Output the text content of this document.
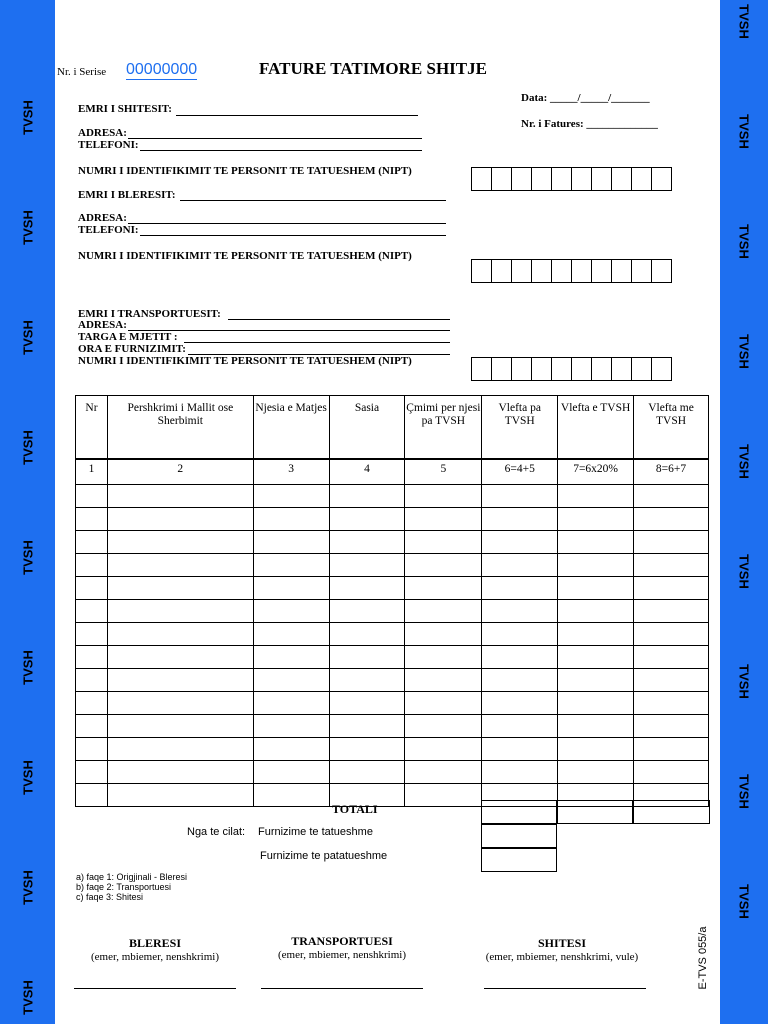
TVSH
TVSH
TVSH
TVSH
TVSH
TVSH
TVSH
TVSH
TVSH
TVSH
TVSH
TVSH
TVSH
TVSH
TVSH
TVSH
TVSH
TVSH
Nr. i Serise 00000000	FATURE TATIMORE SHITJE
Data: _____/_____/_______
Nr. i Fatures: _____________
EMRI I SHITESIT:
ADRESA:
TELEFONI:
NUMRI I IDENTIFIKIMIT TE PERSONIT TE TATUESHEM (NIPT)
EMRI I BLERESIT:
ADRESA:
TELEFONI:
NUMRI I IDENTIFIKIMIT TE PERSONIT TE TATUESHEM (NIPT)
EMRI I TRANSPORTUESIT:
ADRESA:
TARGA E MJETIT :
ORA E FURNIZIMIT:
NUMRI I IDENTIFIKIMIT TE PERSONIT TE TATUESHEM (NIPT)
Nr	Pershkrimi i Mallit ose Sherbimit	Njesia e Matjes	Sasia	Çmimi per njesi pa TVSH	Vlefta pa TVSH	Vlefta e TVSH	Vlefta me TVSH
1	2	3	4	5	6=4+5	7=6x20%	8=6+7

TOTALI
Nga te cilat: Furnizime te tatueshme
Furnizime te patatueshme
a) faqe 1: Origjinali - Bleresi
b) faqe 2: Transportuesi
c) faqe 3: Shitesi
BLERESI
(emer, mbiemer, nenshkrimi)
TRANSPORTUESI
(emer, mbiemer, nenshkrimi)
SHITESI
(emer, mbiemer, nenshkrimi, vule)	E-TVS 055/a
